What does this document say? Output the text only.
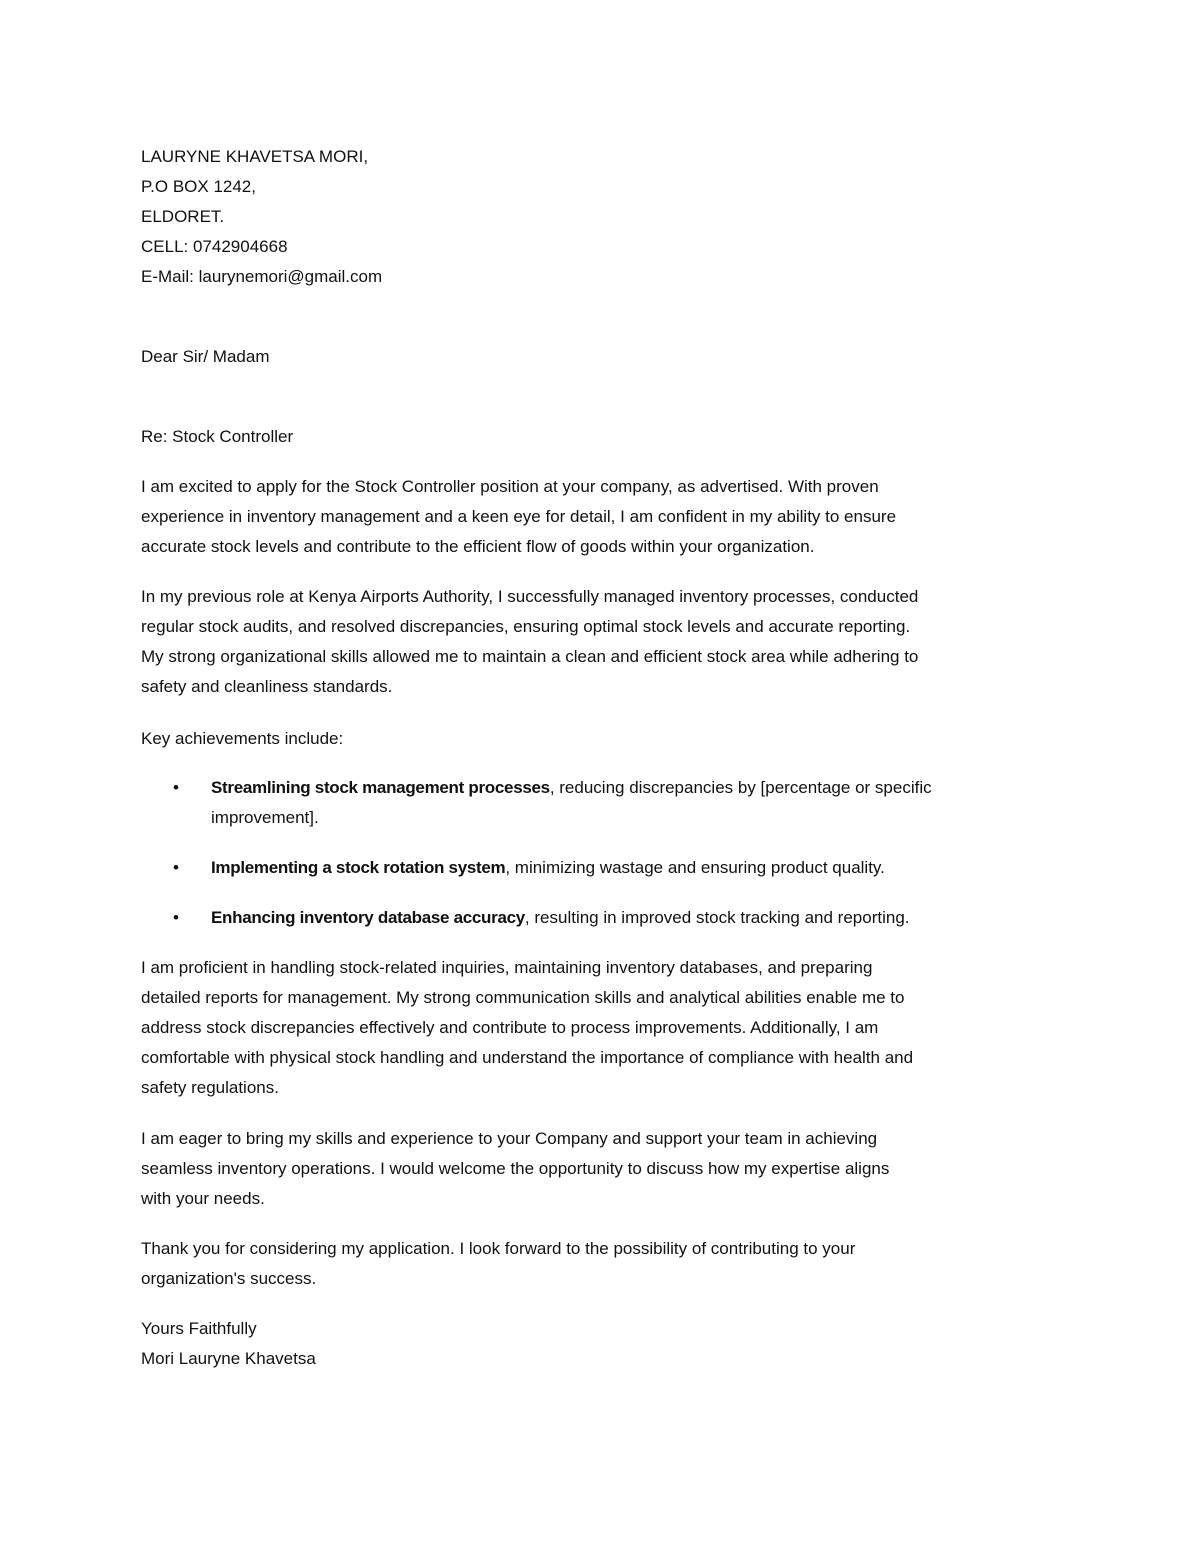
LAURYNE KHAVETSA MORI,
P.O BOX 1242,
ELDORET.
CELL: 0742904668
E-Mail: laurynemori@gmail.com
Dear Sir/ Madam
Re: Stock Controller
I am excited to apply for the Stock Controller position at your company, as advertised. With proven
experience in inventory management and a keen eye for detail, I am confident in my ability to ensure
accurate stock levels and contribute to the efficient flow of goods within your organization.
In my previous role at Kenya Airports Authority, I successfully managed inventory processes, conducted
regular stock audits, and resolved discrepancies, ensuring optimal stock levels and accurate reporting.
My strong organizational skills allowed me to maintain a clean and efficient stock area while adhering to
safety and cleanliness standards.
Key achievements include:
• Streamlining stock management processes, reducing discrepancies by [percentage or specific
improvement].
• Implementing a stock rotation system, minimizing wastage and ensuring product quality.
• Enhancing inventory database accuracy, resulting in improved stock tracking and reporting.
I am proficient in handling stock-related inquiries, maintaining inventory databases, and preparing
detailed reports for management. My strong communication skills and analytical abilities enable me to
address stock discrepancies effectively and contribute to process improvements. Additionally, I am
comfortable with physical stock handling and understand the importance of compliance with health and
safety regulations.
I am eager to bring my skills and experience to your Company and support your team in achieving
seamless inventory operations. I would welcome the opportunity to discuss how my expertise aligns
with your needs.
Thank you for considering my application. I look forward to the possibility of contributing to your
organization's success.
Yours Faithfully
Mori Lauryne Khavetsa
